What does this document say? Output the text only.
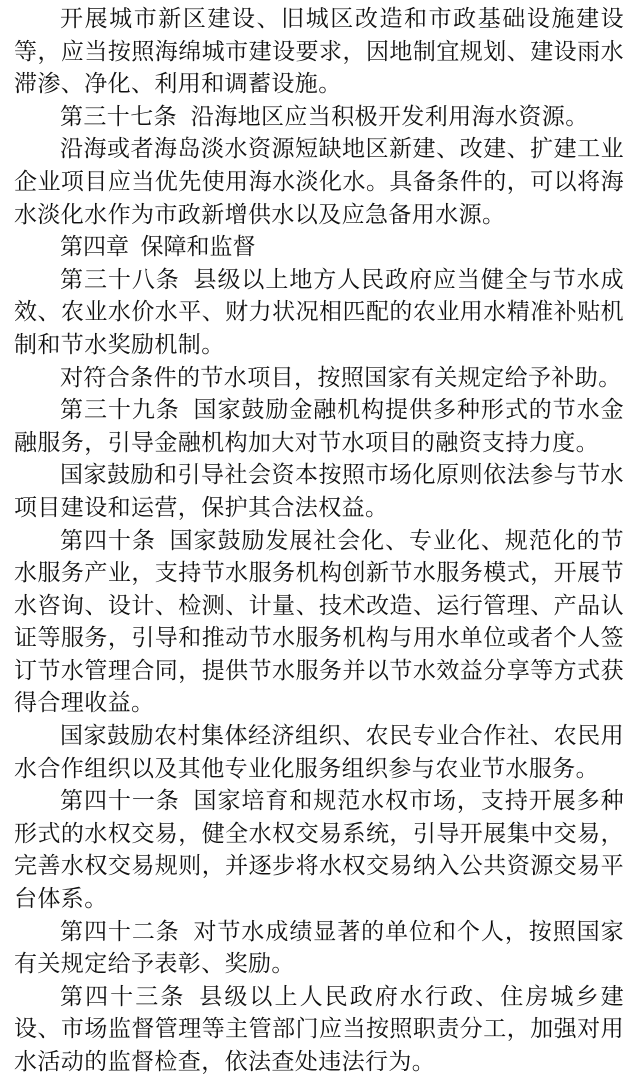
开展城市新区建设、旧城区改造和市政基础设施建设等，应当按照海绵城市建设要求，因地制宜规划、建设雨水滞渗、净化、利用和调蓄设施。

第三十七条 沿海地区应当积极开发利用海水资源。

沿海或者海岛淡水资源短缺地区新建、改建、扩建工业企业项目应当优先使用海水淡化水。具备条件的，可以将海水淡化水作为市政新增供水以及应急备用水源。

第四章 保障和监督

第三十八条 县级以上地方人民政府应当健全与节水成效、农业水价水平、财力状况相匹配的农业用水精准补贴机制和节水奖励机制。

对符合条件的节水项目，按照国家有关规定给予补助。

第三十九条 国家鼓励金融机构提供多种形式的节水金融服务，引导金融机构加大对节水项目的融资支持力度。

国家鼓励和引导社会资本按照市场化原则依法参与节水项目建设和运营，保护其合法权益。

第四十条 国家鼓励发展社会化、专业化、规范化的节水服务产业，支持节水服务机构创新节水服务模式，开展节水咨询、设计、检测、计量、技术改造、运行管理、产品认证等服务，引导和推动节水服务机构与用水单位或者个人签订节水管理合同，提供节水服务并以节水效益分享等方式获得合理收益。

国家鼓励农村集体经济组织、农民专业合作社、农民用水合作组织以及其他专业化服务组织参与农业节水服务。

第四十一条 国家培育和规范水权市场，支持开展多种形式的水权交易，健全水权交易系统，引导开展集中交易，完善水权交易规则，并逐步将水权交易纳入公共资源交易平台体系。

第四十二条 对节水成绩显著的单位和个人，按照国家有关规定给予表彰、奖励。

第四十三条 县级以上人民政府水行政、住房城乡建设、市场监督管理等主管部门应当按照职责分工，加强对用水活动的监督检查，依法查处违法行为。
